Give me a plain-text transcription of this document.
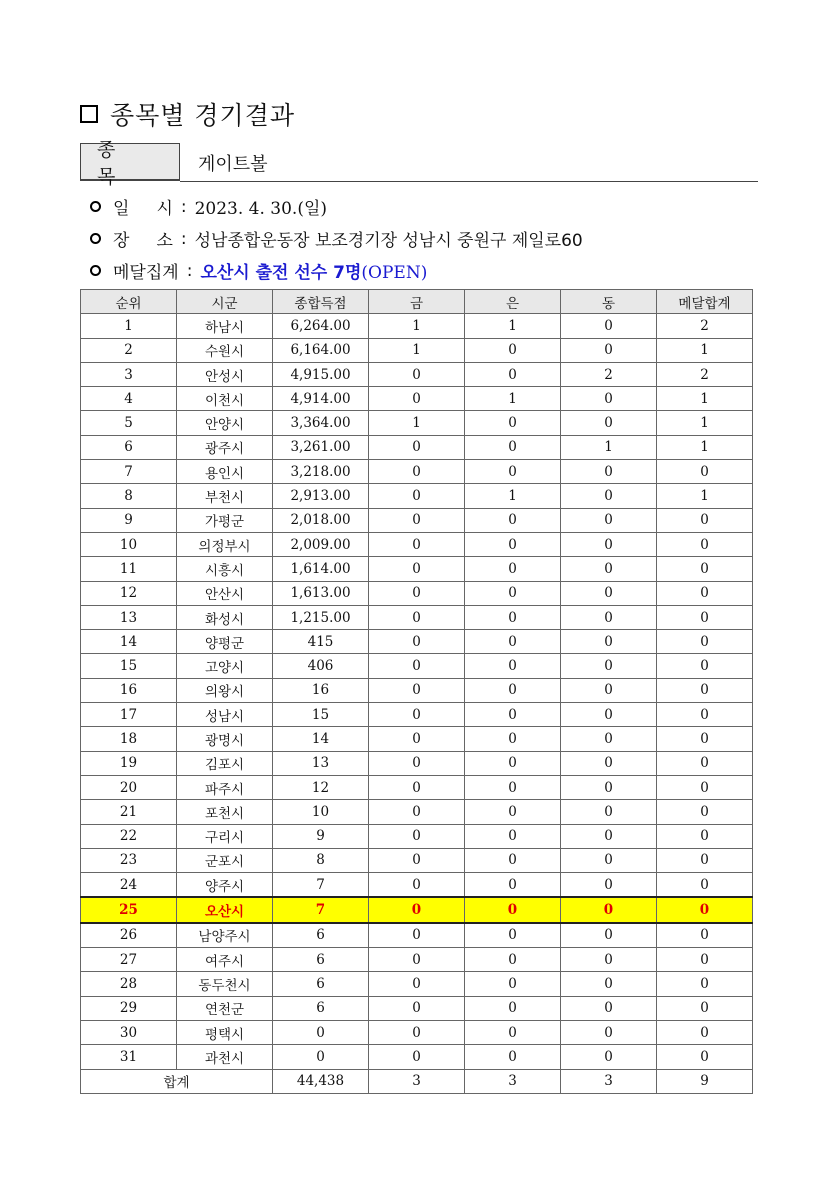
종목별 경기결과
종 목
게이트볼
일     시 : 2023. 4. 30.(일)
장     소 : 성남종합운동장 보조경기장 성남시 중원구 제일로60
메달집계 : 오산시 출전 선수 7명(OPEN)
순위	시군	종합득점	금	은	동	메달합계
1	하남시	6,264.00	1	1	0	2
2	수원시	6,164.00	1	0	0	1
3	안성시	4,915.00	0	0	2	2
4	이천시	4,914.00	0	1	0	1
5	안양시	3,364.00	1	0	0	1
6	광주시	3,261.00	0	0	1	1
7	용인시	3,218.00	0	0	0	0
8	부천시	2,913.00	0	1	0	1
9	가평군	2,018.00	0	0	0	0
10	의정부시	2,009.00	0	0	0	0
11	시흥시	1,614.00	0	0	0	0
12	안산시	1,613.00	0	0	0	0
13	화성시	1,215.00	0	0	0	0
14	양평군	415	0	0	0	0
15	고양시	406	0	0	0	0
16	의왕시	16	0	0	0	0
17	성남시	15	0	0	0	0
18	광명시	14	0	0	0	0
19	김포시	13	0	0	0	0
20	파주시	12	0	0	0	0
21	포천시	10	0	0	0	0
22	구리시	9	0	0	0	0
23	군포시	8	0	0	0	0
24	양주시	7	0	0	0	0
25	오산시	7	0	0	0	0
26	남양주시	6	0	0	0	0
27	여주시	6	0	0	0	0
28	동두천시	6	0	0	0	0
29	연천군	6	0	0	0	0
30	평택시	0	0	0	0	0
31	과천시	0	0	0	0	0
합계		44,438	3	3	3	9
